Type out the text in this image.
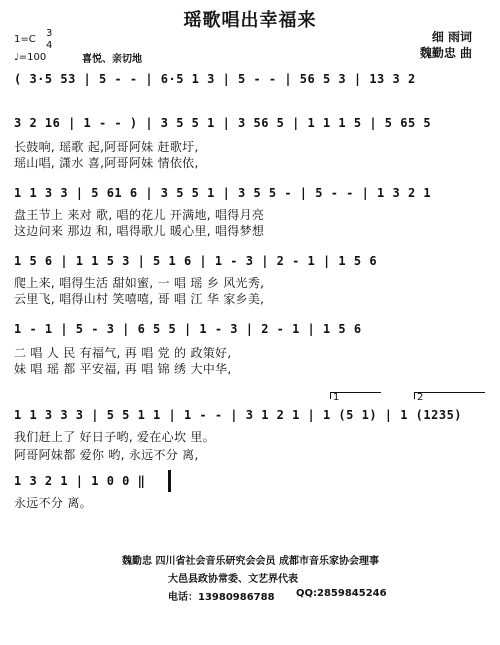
瑶歌唱出幸福来
细 雨词
魏勤忠 曲
1=C
3
4
♩=100	喜悦、亲切地
( 3·5 53 | 5 - - | 6·5 1 3 | 5 - - | 56 5 3 | 13 3 2
3 2 16 | 1 - - ) | 3 5 5 1 | 3 56 5 | 1 1 1 5 | 5 65 5
长鼓响, 瑶歌 起,阿哥阿妹 赶歌圩,
瑶山唱, 潇水 喜,阿哥阿妹 情依依,
1 1 3 3 | 5 61 6 | 3 5 5 1 | 3 5 5 - | 5 - - | 1 3 2 1
盘王节上 来对 歌, 唱的花儿 开满地, 唱得月亮
这边问来 那边 和, 唱得歌儿 暖心里, 唱得梦想
1 5 6 | 1 1 5 3 | 5 1 6 | 1 - 3 | 2 - 1 | 1 5 6
爬上来, 唱得生活 甜如蜜, 一 唱 瑶 乡 风光秀,
云里飞, 唱得山村 笑嘻嘻, 哥 唱 江 华 家乡美,
1 - 1 | 5 - 3 | 6 5 5 | 1 - 3 | 2 - 1 | 1 5 6
二 唱 人 民 有福气, 再 唱 党 的 政策好,
妹 唱 瑶 都 平安福, 再 唱 锦 绣 大中华,
1	2
1 1 3 3 3 | 5 5 1 1 | 1 - - | 3 1 2 1 | 1 (5 1) | 1 (1235)
我们赶上了 好日子哟, 爱在心坎 里。
阿哥阿妹都 爱你 哟, 永远不分 离,
1 3 2 1 | 1 0 0 ‖
永远不分 离。
魏勤忠 四川省社会音乐研究会会员 成都市音乐家协会理事
大邑县政协常委、文艺界代表
电话：13980986788 QQ:2859845246
